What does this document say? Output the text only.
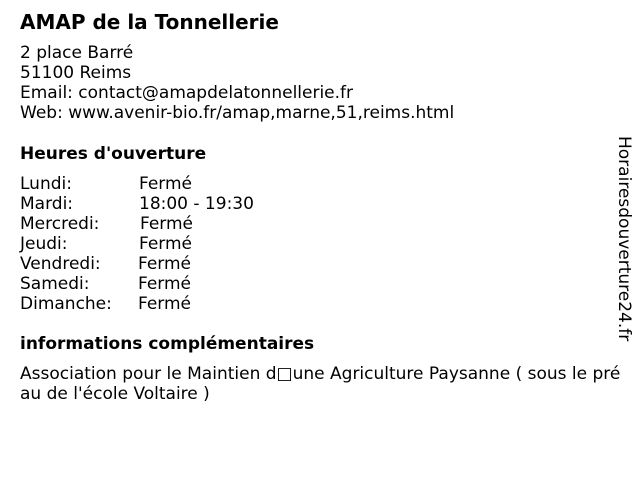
AMAP de la Tonnellerie
2 place Barré
51100 Reims
Email: contact@amapdelatonnellerie.fr
Web: www.avenir-bio.fr/amap,marne,51,reims.html
Heures d'ouverture
Lundi:	Fermé
Mardi:	18:00 - 19:30
Mercredi: Fermé
Jeudi:	Fermé
Vendredi: Fermé
Samedi:	Fermé
Dimanche: Fermé
informations complémentaires
Association pour le Maintien d□une Agriculture Paysanne ( sous le préau de l'école Voltaire )
Horairesdouverture24.fr
